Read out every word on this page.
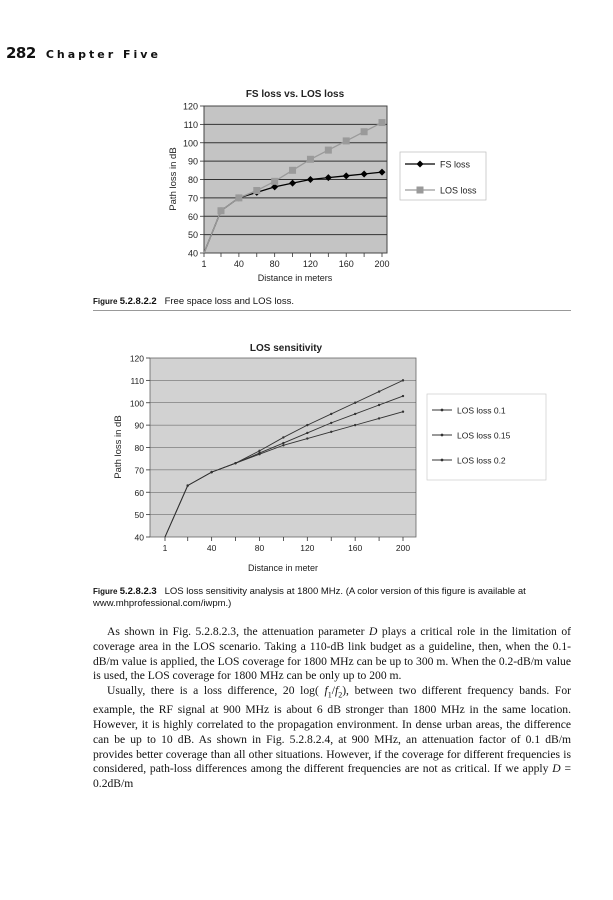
282 Chapter Five
FS loss vs. LOS loss
40
50
60
70
80
90
100
110
120
1	40	80	120 160 200
Distance in meters
Path loss in dB	FS loss
LOS loss
Figure 5.2.8.2.2 Free space loss and LOS loss.
LOS sensitivity
40
50
60
70
80
90
100
110
120
1	40	80	120	160	200
Distance in meter
Path loss in dB
LOS loss 0.1
LOS loss 0.15
LOS loss 0.2
Figure 5.2.8.2.3 LOS loss sensitivity analysis at 1800 MHz. (A color version of this figure is available at www.mhprofessional.com/iwpm.)

As shown in Fig. 5.2.8.2.3, the attenuation parameter D plays a critical role in the limitation of coverage area in the LOS scenario. Taking a 110-dB link budget as a guideline, then, when the 0.1-dB/m value is applied, the LOS coverage for 1800 MHz can be up to 300 m. When the 0.2-dB/m value is used, the LOS coverage for 1800 MHz can be only up to 200 m.

Usually, there is a loss difference, 20 log( $f_1/f_2$), between two different frequency bands. For example, the RF signal at 900 MHz is about 6 dB stronger than 1800 MHz in the same location. However, it is highly correlated to the propagation environment. In dense urban areas, the difference can be up to 10 dB. As shown in Fig. 5.2.8.2.4, at 900 MHz, an attenuation factor of 0.1 dB/m provides better coverage than all other situations. However, if the coverage for different frequencies is considered, path-loss differences among the different frequencies are not as critical. If we apply D = 0.2dB/m
